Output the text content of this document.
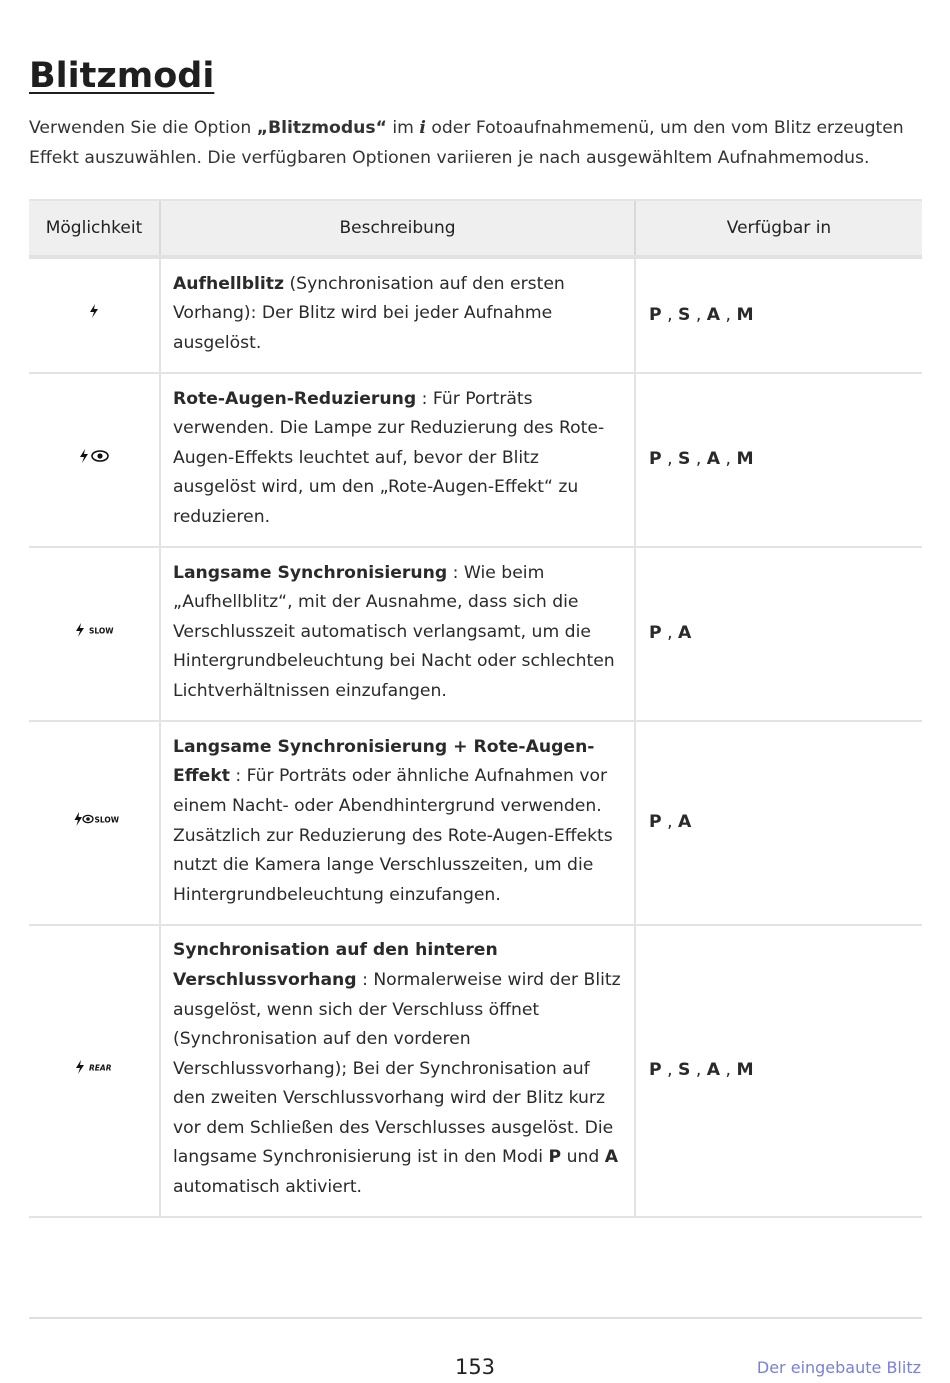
Blitzmodi

Verwenden Sie die Option „Blitzmodus“ im i oder Fotoaufnahmemenü, um den vom Blitz erzeugten Effekt auszuwählen. Die verfügbaren Optionen variieren je nach ausgewähltem Aufnahmemodus.

Möglichkeit	Beschreibung	Verfügbar in
	Aufhellblitz (Synchronisation auf den ersten Vorhang): Der Blitz wird bei jeder Aufnahme ausgelöst.	P , S , A , M
	Rote-Augen-Reduzierung : Für Porträts verwenden. Die Lampe zur Reduzierung des Rote-Augen-Effekts leuchtet auf, bevor der Blitz ausgelöst wird, um den „Rote-Augen-Effekt“ zu reduzieren.	P , S , A , M

SLOW	Langsame Synchronisierung : Wie beim „Aufhellblitz“, mit der Ausnahme, dass sich die Verschlusszeit automatisch verlangsamt, um die Hintergrundbeleuchtung bei Nacht oder schlechten Lichtverhältnissen einzufangen.	P , A

SLOW	Langsame Synchronisierung + Rote-Augen-Effekt : Für Porträts oder ähnliche Aufnahmen vor einem Nacht- oder Abendhintergrund verwenden. Zusätzlich zur Reduzierung des Rote-Augen-Effekts nutzt die Kamera lange Verschlusszeiten, um die Hintergrundbeleuchtung einzufangen.	P , A

REAR	Synchronisation auf den hinteren Verschlussvorhang : Normalerweise wird der Blitz ausgelöst, wenn sich der Verschluss öffnet (Synchronisation auf den vorderen Verschlussvorhang); Bei der Synchronisation auf den zweiten Verschlussvorhang wird der Blitz kurz vor dem Schließen des Verschlusses ausgelöst. Die langsame Synchronisierung ist in den Modi P und A automatisch aktiviert.	P , S , A , M
153	Der eingebaute Blitz
